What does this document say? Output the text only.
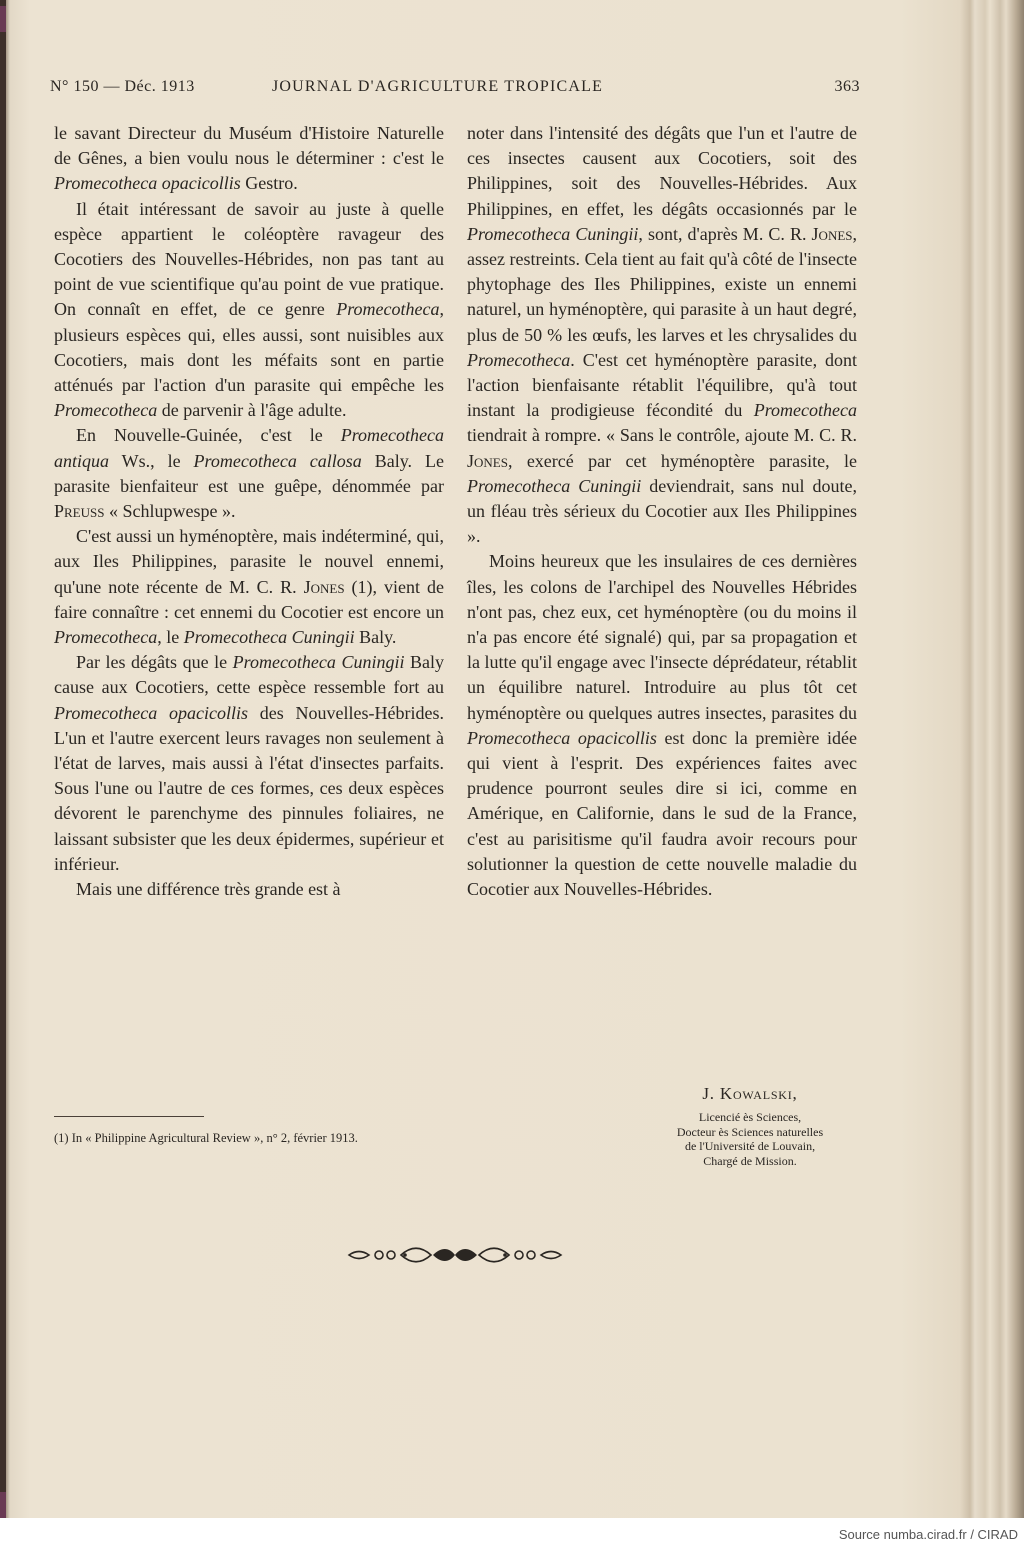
N° 150 — Déc. 1913	JOURNAL D'AGRICULTURE TROPICALE	363

le savant Directeur du Muséum d'Histoire Naturelle de Gênes, a bien voulu nous le déterminer : c'est le Promecotheca opacicollis Gestro.

Il était intéressant de savoir au juste à quelle espèce appartient le coléoptère ravageur des Cocotiers des Nouvelles-Hébrides, non pas tant au point de vue scientifique qu'au point de vue pratique. On connaît en effet, de ce genre Promecotheca, plusieurs espèces qui, elles aussi, sont nuisibles aux Cocotiers, mais dont les méfaits sont en partie atténués par l'action d'un parasite qui empêche les Promecotheca de parvenir à l'âge adulte.

En Nouvelle-Guinée, c'est le Promecotheca antiqua Ws., le Promecotheca callosa Baly. Le parasite bienfaiteur est une guêpe, dénommée par Preuss « Schlupwespe ».

C'est aussi un hyménoptère, mais indéterminé, qui, aux Iles Philippines, parasite le nouvel ennemi, qu'une note récente de M. C. R. Jones (1), vient de faire connaître : cet ennemi du Cocotier est encore un Promecotheca, le Promecotheca Cuningii Baly.

Par les dégâts que le Promecotheca Cuningii Baly cause aux Cocotiers, cette espèce ressemble fort au Promecotheca opacicollis des Nouvelles-Hébrides. L'un et l'autre exercent leurs ravages non seulement à l'état de larves, mais aussi à l'état d'insectes parfaits. Sous l'une ou l'autre de ces formes, ces deux espèces dévorent le parenchyme des pinnules foliaires, ne laissant subsister que les deux épidermes, supérieur et inférieur.

Mais une différence très grande est à

noter dans l'intensité des dégâts que l'un et l'autre de ces insectes causent aux Cocotiers, soit des Philippines, soit des Nouvelles-Hébrides. Aux Philippines, en effet, les dégâts occasionnés par le Promecotheca Cuningii, sont, d'après M. C. R. Jones, assez restreints. Cela tient au fait qu'à côté de l'insecte phytophage des Iles Philippines, existe un ennemi naturel, un hyménoptère, qui parasite à un haut degré, plus de 50 % les œufs, les larves et les chrysalides du Promecotheca. C'est cet hyménoptère parasite, dont l'action bienfaisante rétablit l'équilibre, qu'à tout instant la prodigieuse fécondité du Promecotheca tiendrait à rompre. « Sans le contrôle, ajoute M. C. R. Jones, exercé par cet hyménoptère parasite, le Promecotheca Cuningii deviendrait, sans nul doute, un fléau très sérieux du Cocotier aux Iles Philippines ».

Moins heureux que les insulaires de ces dernières îles, les colons de l'archipel des Nouvelles Hébrides n'ont pas, chez eux, cet hyménoptère (ou du moins il n'a pas encore été signalé) qui, par sa propagation et la lutte qu'il engage avec l'insecte déprédateur, rétablit un équilibre naturel. Introduire au plus tôt cet hyménoptère ou quelques autres insectes, parasites du Promecotheca opacicollis est donc la première idée qui vient à l'esprit. Des expériences faites avec prudence pourront seules dire si ici, comme en Amérique, en Californie, dans le sud de la France, c'est au parisitisme qu'il faudra avoir recours pour solutionner la question de cette nouvelle maladie du Cocotier aux Nouvelles-Hébrides.

J. Kowalski,
Licencié ès Sciences,
Docteur ès Sciences naturelles
de l'Université de Louvain,
Chargé de Mission.
(1) In « Philippine Agricultural Review », n° 2, février 1913.
Source numba.cirad.fr / CIRAD
